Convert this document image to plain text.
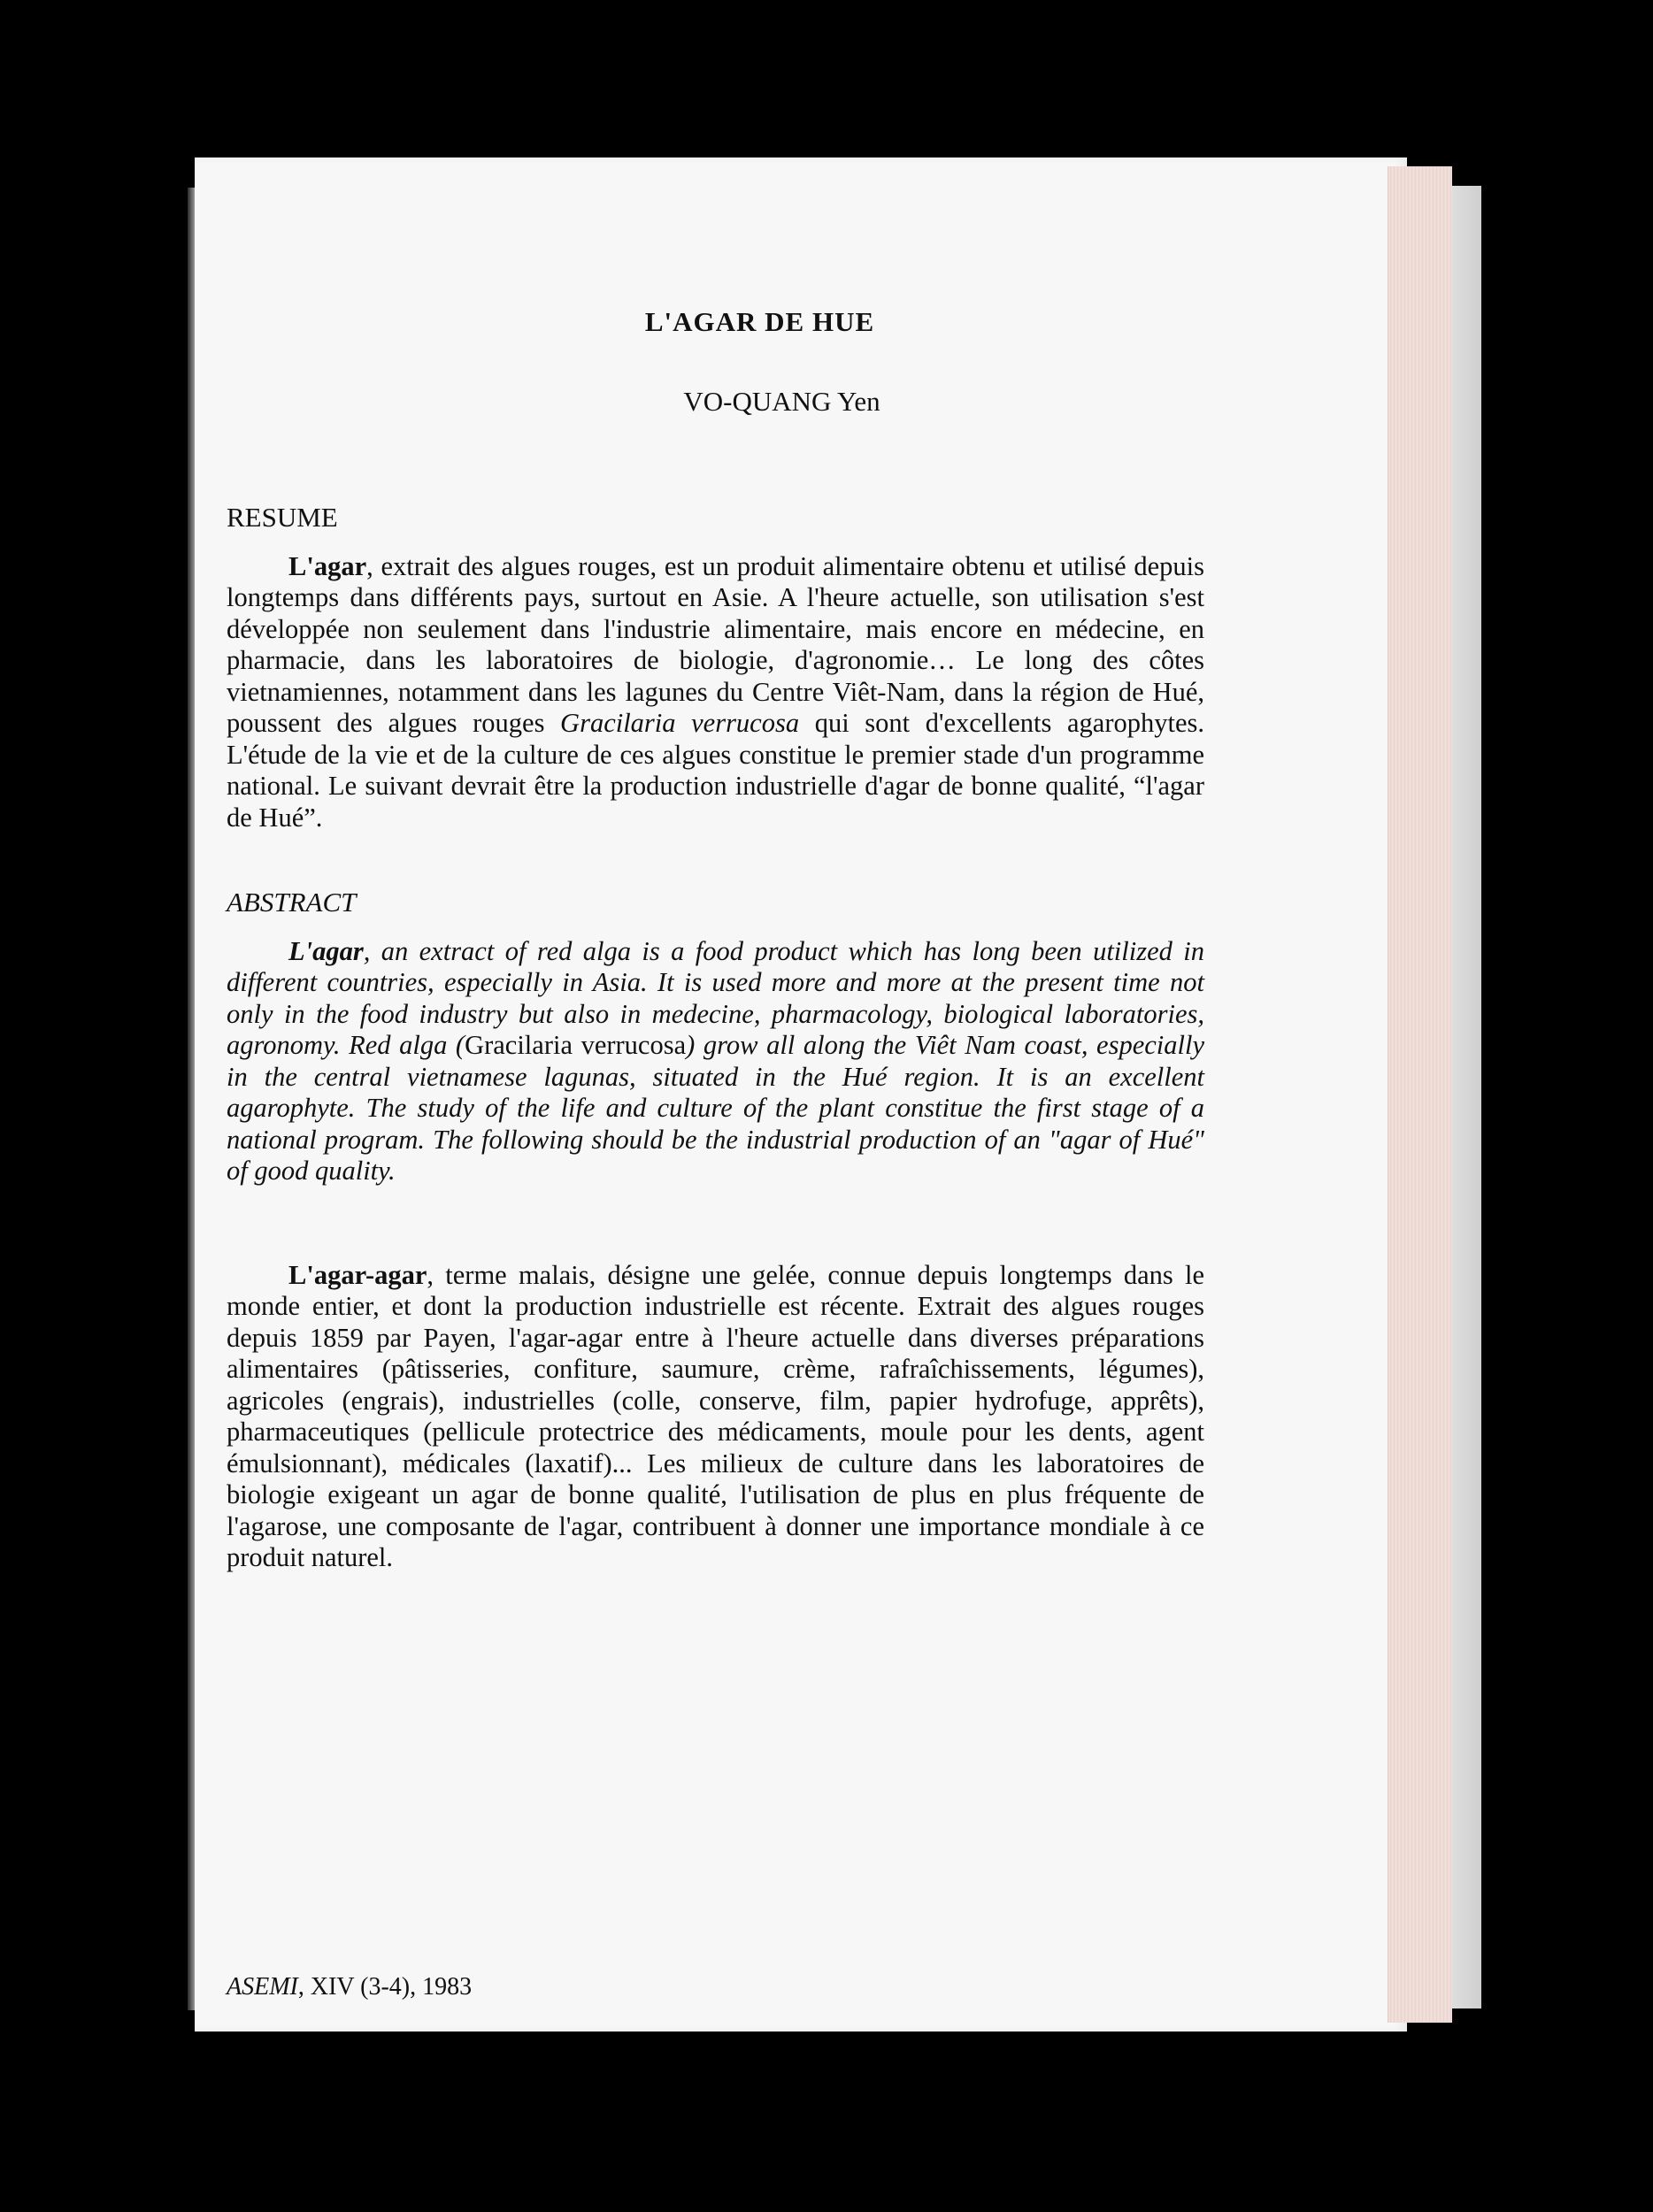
L'AGAR DE HUE
VO-QUANG Yen
RESUME

L'agar, extrait des algues rouges, est un produit alimentaire obtenu et utilisé depuis longtemps dans différents pays, surtout en Asie. A l'heure actuelle, son utilisation s'est développée non seulement dans l'industrie alimentaire, mais encore en médecine, en pharmacie, dans les laboratoires de biologie, d'agronomie… Le long des côtes vietnamiennes, notamment dans les lagunes du Centre Viêt-Nam, dans la région de Hué, poussent des algues rouges Gracilaria verrucosa qui sont d'excellents agarophytes. L'étude de la vie et de la culture de ces algues constitue le premier stade d'un programme national. Le suivant devrait être la production industrielle d'agar de bonne qualité, “l'agar de Hué”.

ABSTRACT

L'agar, an extract of red alga is a food product which has long been utilized in different countries, especially in Asia. It is used more and more at the present time not only in the food industry but also in medecine, pharmacology, biological laboratories, agronomy. Red alga (Gracilaria verrucosa) grow all along the Viêt Nam coast, especially in the central vietnamese lagunas, situated in the Hué region. It is an excellent agarophyte. The study of the life and culture of the plant constitue the first stage of a national program. The following should be the industrial production of an "agar of Hué" of good quality.

L'agar-agar, terme malais, désigne une gelée, connue depuis longtemps dans le monde entier, et dont la production industrielle est récente. Extrait des algues rouges depuis 1859 par Payen, l'agar-agar entre à l'heure actuelle dans diverses préparations alimentaires (pâtisseries, confiture, saumure, crème, rafraîchissements, légumes), agricoles (engrais), industrielles (colle, conserve, film, papier hydrofuge, apprêts), pharmaceutiques (pellicule protectrice des médicaments, moule pour les dents, agent émulsionnant), médicales (laxatif)... Les milieux de culture dans les laboratoires de biologie exigeant un agar de bonne qualité, l'utilisation de plus en plus fréquente de l'agarose, une composante de l'agar, contribuent à donner une importance mondiale à ce produit naturel.

ASEMI, XIV (3-4), 1983
